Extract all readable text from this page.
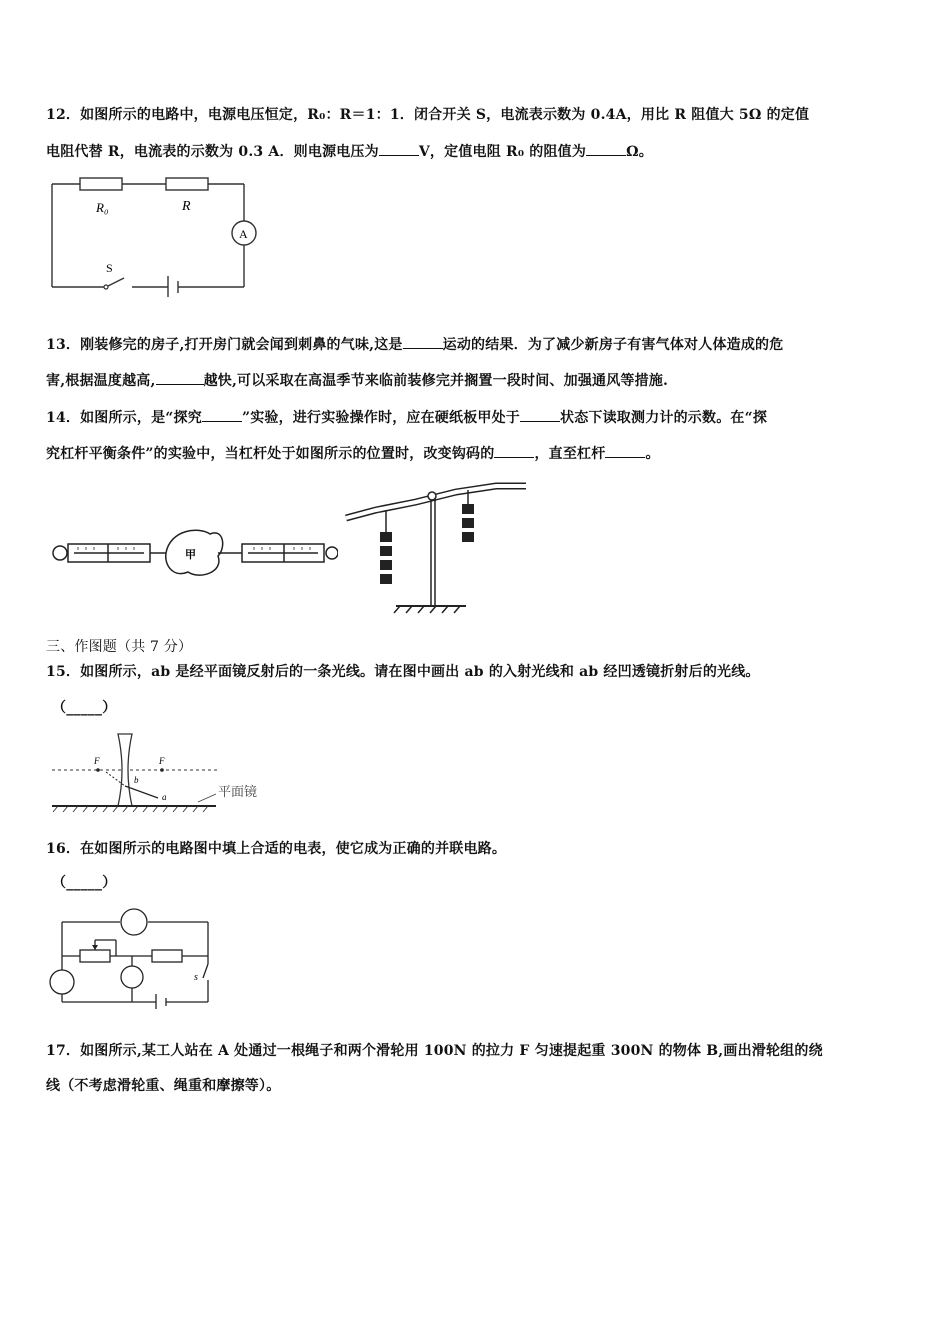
12．如图所示的电路中，电源电压恒定，R₀：R＝1：1．闭合开关 S，电流表示数为 0.4A，用比 R 阻值大 5Ω 的定值
电阻代替 R，电流表的示数为 0.3 A．则电源电压为	V，定值电阻 R₀ 的阻值为	Ω。
R₀	R
A
S
13．刚装修完的房子,打开房门就会闻到刺鼻的气味,这是	运动的结果．为了减少新房子有害气体对人体造成的危
害,根据温度越高,	越快,可以采取在高温季节来临前装修完并搁置一段时间、加强通风等措施.
14．如图所示，是“探究	”实验，进行实验操作时，应在硬纸板甲处于	状态下读取测力计的示数。在“探
究杠杆平衡条件”的实验中，当杠杆处于如图所示的位置时，改变钩码的	，直至杠杆	。
甲
三、作图题（共 7 分）
15．如图所示，ab 是经平面镜反射后的一条光线。请在图中画出 ab 的入射光线和 ab 经凹透镜折射后的光线。
（_____）
F	F
b
a	平面镜
16．在如图所示的电路图中填上合适的电表，使它成为正确的并联电路。
（_____）
s
17．如图所示,某工人站在 A 处通过一根绳子和两个滑轮用 100N 的拉力 F 匀速提起重 300N 的物体 B,画出滑轮组的绕
线（不考虑滑轮重、绳重和摩擦等）。
